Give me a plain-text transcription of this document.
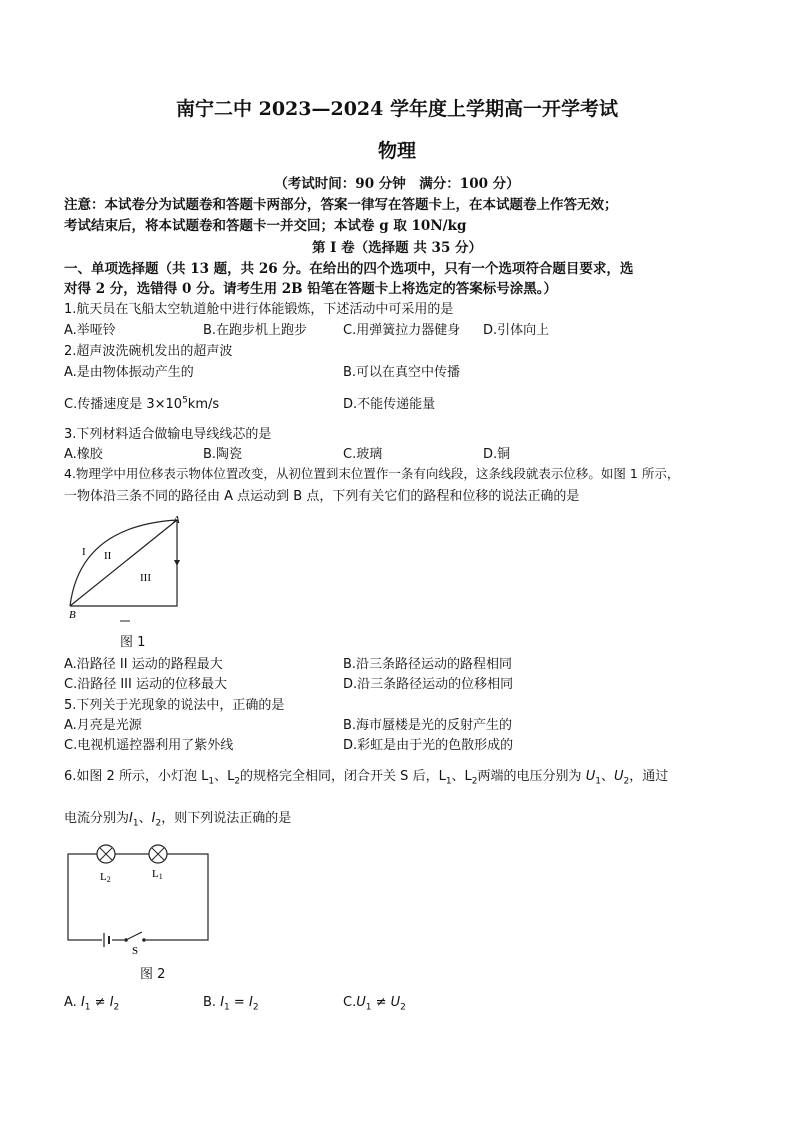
南宁二中 2023—2024 学年度上学期高一开学考试
物理
（考试时间：90 分钟　满分：100 分）
注意：本试卷分为试题卷和答题卡两部分，答案一律写在答题卡上，在本试题卷上作答无效；
考试结束后，将本试题卷和答题卡一并交回；本试卷 g 取 10N/kg
第 I 卷（选择题 共 35 分）
一、单项选择题（共 13 题，共 26 分。在给出的四个选项中，只有一个选项符合题目要求，选
对得 2 分，选错得 0 分。请考生用 2B 铅笔在答题卡上将选定的答案标号涂黑。）
1.航天员在飞船太空轨道舱中进行体能锻炼，下述活动中可采用的是
A.举哑铃	B.在跑步机上跑步	C.用弹簧拉力器健身 D.引体向上
2.超声波洗碗机发出的超声波
A.是由物体振动产生的	B.可以在真空中传播
C.传播速度是 $3\times 10^5km/s$	D.不能传递能量
3.下列材料适合做输电导线线芯的是
A.橡胶	B.陶瓷	C.玻璃	D.铜
4.物理学中用位移表示物体位置改变，从初位置到末位置作一条有向线段，这条线段就表示位移。如图 1 所示，
一物体沿三条不同的路径由 A 点运动到 B 点，下列有关它们的路程和位移的说法正确的是
A
B
I II
III
图 1
A.沿路径 II 运动的路程最大	B.沿三条路径运动的路程相同
C.沿路径 III 运动的位移最大	D.沿三条路径运动的位移相同
5.下列关于光现象的说法中，正确的是
A.月亮是光源	B.海市蜃楼是光的反射产生的
C.电视机遥控器利用了紫外线	D.彩虹是由于光的色散形成的
6.如图 2 所示，小灯泡 $L_1$、$L_2$的规格完全相同，闭合开关 S 后，$L_1$、$L_2$两端的电压分别为 $U_1$、$U_2$，通过
电流分别为$I_1$、$I_2$，则下列说法正确的是
L2	L1
S
图 2
A. $I_1 \ne I_2$	B. $I_1 = I_2$	$C.U_1 \ne U_2$
